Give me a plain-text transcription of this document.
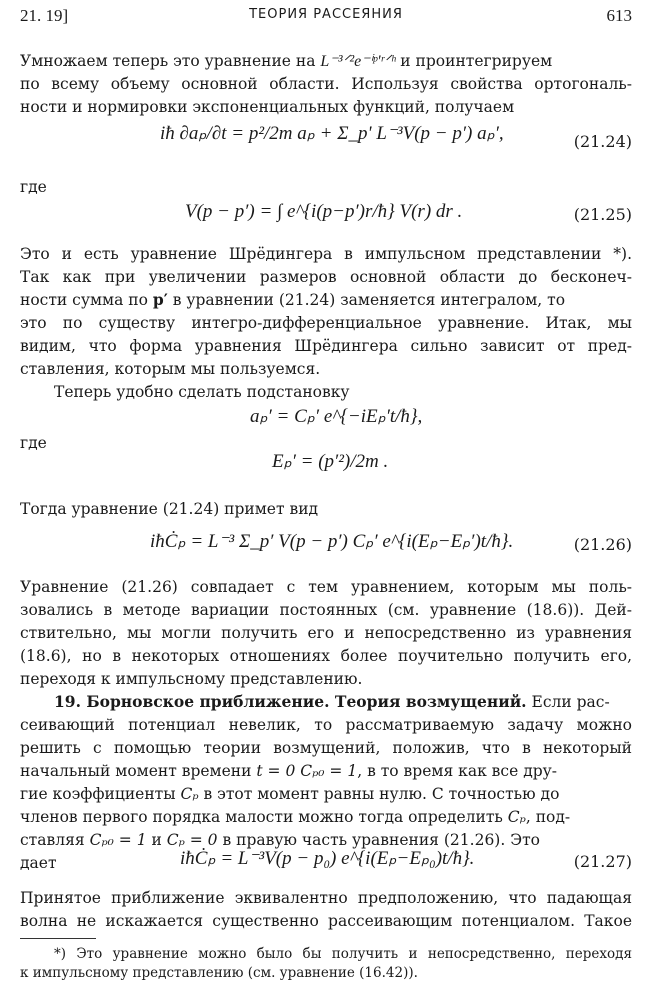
21. 19]	ТЕОРИЯ РАССЕЯНИЯ	613
Умножаем теперь это уравнение на L⁻³ᐟ²e⁻ⁱᵖ'ʳᐟʰ и проинтегрируем
по всему объему основной области. Используя свойства ортогональ-
ности и нормировки экспоненциальных функций, получаем
iħ ∂aₚ/∂t = p²/2m aₚ + Σ_p' L⁻³V(p − p′) aₚ′,	(21.24)
где
V(p − p′) = ∫ e^{i(p−p′)r/ħ} V(r) dr .	(21.25)
Это и есть уравнение Шрёдингера в импульсном представлении *).
Так как при увеличении размеров основной области до бесконеч-
ности сумма по p′ в уравнении (21.24) заменяется интегралом, то
это по существу интегро-дифференциальное уравнение. Итак, мы
видим, что форма уравнения Шрёдингера сильно зависит от пред-
ставления, которым мы пользуемся.
Теперь удобно сделать подстановку
aₚ′ = Cₚ′ e^{−iEₚ′t/ħ},
где
Eₚ′ = (p′²)/2m .
Тогда уравнение (21.24) примет вид
iħĊₚ = L⁻³ Σ_p′ V(p − p′) Cₚ′ e^{i(Eₚ−Eₚ′)t/ħ}.	(21.26)
Уравнение (21.26) совпадает с тем уравнением, которым мы поль-
зовались в методе вариации постоянных (см. уравнение (18.6)). Дей-
ствительно, мы могли получить его и непосредственно из уравнения
(18.6), но в некоторых отношениях более поучительно получить его,
переходя к импульсному представлению.
19. Борновское приближение. Теория возмущений. Если рас-
сеивающий потенциал невелик, то рассматриваемую задачу можно
решить с помощью теории возмущений, положив, что в некоторый
начальный момент времени t = 0 Cₚ₀ = 1, в то время как все дру-
гие коэффициенты Cₚ в этот момент равны нулю. С точностью до
членов первого порядка малости можно тогда определить Cₚ, под-
ставляя Cₚ₀ = 1 и Cₚ = 0 в правую часть уравнения (21.26). Это
дает	iħĊₚ = L⁻³V(p − p₀) e^{i(Eₚ−Eₚ₀)t/ħ}.	(21.27)
Принятое приближение эквивалентно предположению, что падающая
волна не искажается существенно рассеивающим потенциалом. Такое
*) Это уравнение можно было бы получить и непосредственно, переходя
к импульсному представлению (см. уравнение (16.42)).
